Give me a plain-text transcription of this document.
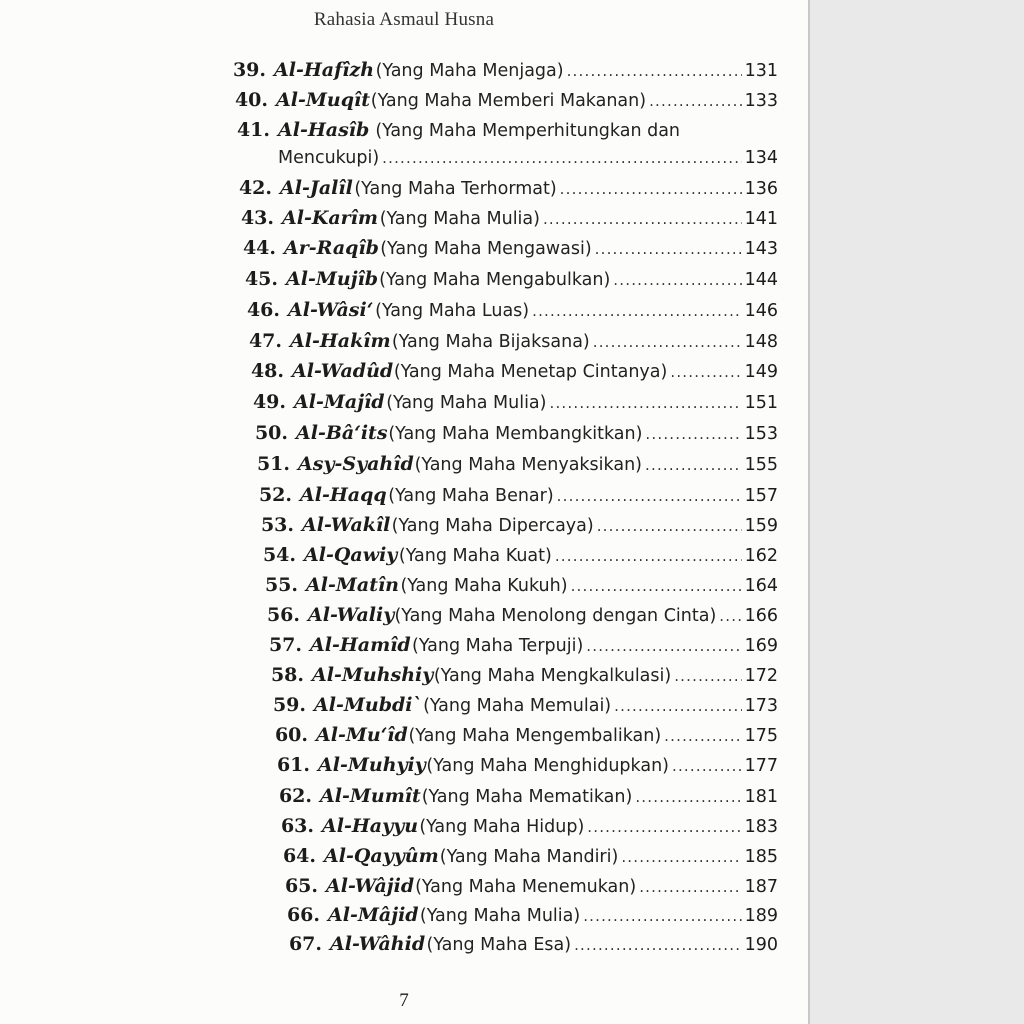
Rahasia Asmaul Husna
39. Al-Hafîzh (Yang Maha Menjaga) .....	131
40. Al-Muqît (Yang Maha Memberi Makanan) .....	133
41. Al-Hasîb (Yang Maha Memperhitungkan dan
Mencukupi) .....	134
42. Al-Jalîl (Yang Maha Terhormat) .....	136
43. Al-Karîm (Yang Maha Mulia) .....	141
44. Ar-Raqîb (Yang Maha Mengawasi) .....	143
45. Al-Mujîb (Yang Maha Mengabulkan) .....	144
46. Al-Wâsi‘ (Yang Maha Luas) .....	146
47. Al-Hakîm (Yang Maha Bijaksana) .....	148
48. Al-Wadûd (Yang Maha Menetap Cintanya) .....	149
49. Al-Majîd (Yang Maha Mulia) .....	151
50. Al-Bâ‘its (Yang Maha Membangkitkan) .....	153
51. Asy-Syahîd (Yang Maha Menyaksikan) .....	155
52. Al-Haqq (Yang Maha Benar) .....	157
53. Al-Wakîl (Yang Maha Dipercaya) .....	159
54. Al-Qawiy (Yang Maha Kuat) .....	162
55. Al-Matîn (Yang Maha Kukuh) .....	164
56. Al-Waliy (Yang Maha Menolong dengan Cinta) ..... 166
57. Al-Hamîd (Yang Maha Terpuji) .....	169
58. Al-Muhshiy (Yang Maha Mengkalkulasi) .....	172
59. Al-Mubdi` (Yang Maha Memulai) .....	173
60. Al-Mu‘îd (Yang Maha Mengembalikan) .....	175
61. Al-Muhyiy (Yang Maha Menghidupkan) .....	177
62. Al-Mumît (Yang Maha Mematikan) .....	181
63. Al-Hayyu (Yang Maha Hidup) .....	183
64. Al-Qayyûm (Yang Maha Mandiri) .....	185
65. Al-Wâjid (Yang Maha Menemukan) .....	187
66. Al-Mâjid (Yang Maha Mulia) .....	189
67. Al-Wâhid (Yang Maha Esa) .....	190
7
